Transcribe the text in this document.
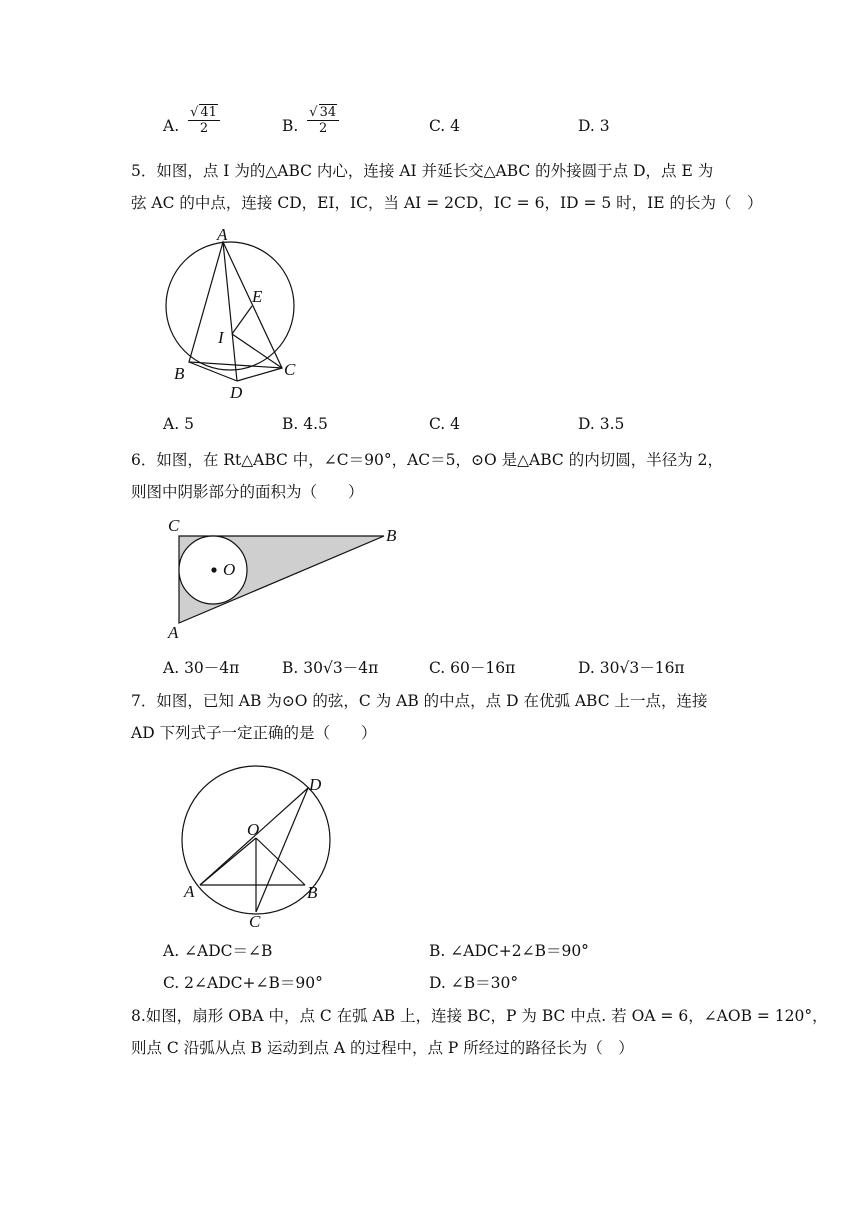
A. $\frac{√ 41}{2}$	B. $\frac{√ 34}{2}$	C. 4	D. 3
5．如图，点 I 为的△ABC 内心，连接 AI 并延长交△ABC 的外接圆于点 D，点 E 为
弦 AC 的中点，连接 CD，EI，IC，当 AI = 2CD，IC = 6，ID = 5 时，IE 的长为（　）
A
B	C
D
E
I
A. 5	B. 4.5	C. 4	D. 3.5
6．如图，在 Rt△ABC 中，∠C＝90°，AC＝5，⊙O 是△ABC 的内切圆，半径为 2，
则图中阴影部分的面积为（　　）
O
C
B
A
A. 30－4π	B. 30√3－4π	C. 60－16π	D. 30√3－16π
7．如图，已知 AB 为⊙O 的弦，C 为 AB 的中点，点 D 在优弧 ABC 上一点，连接
AD 下列式子一定正确的是（　　）
D
O
A	B
C
A. ∠ADC＝∠B	B. ∠ADC+2∠B＝90°
C. 2∠ADC+∠B＝90°	D. ∠B＝30°
8.如图，扇形 OBA 中，点 C 在弧 AB 上，连接 BC，P 为 BC 中点. 若 OA = 6，∠AOB = 120°，
则点 C 沿弧从点 B 运动到点 A 的过程中，点 P 所经过的路径长为（　）
